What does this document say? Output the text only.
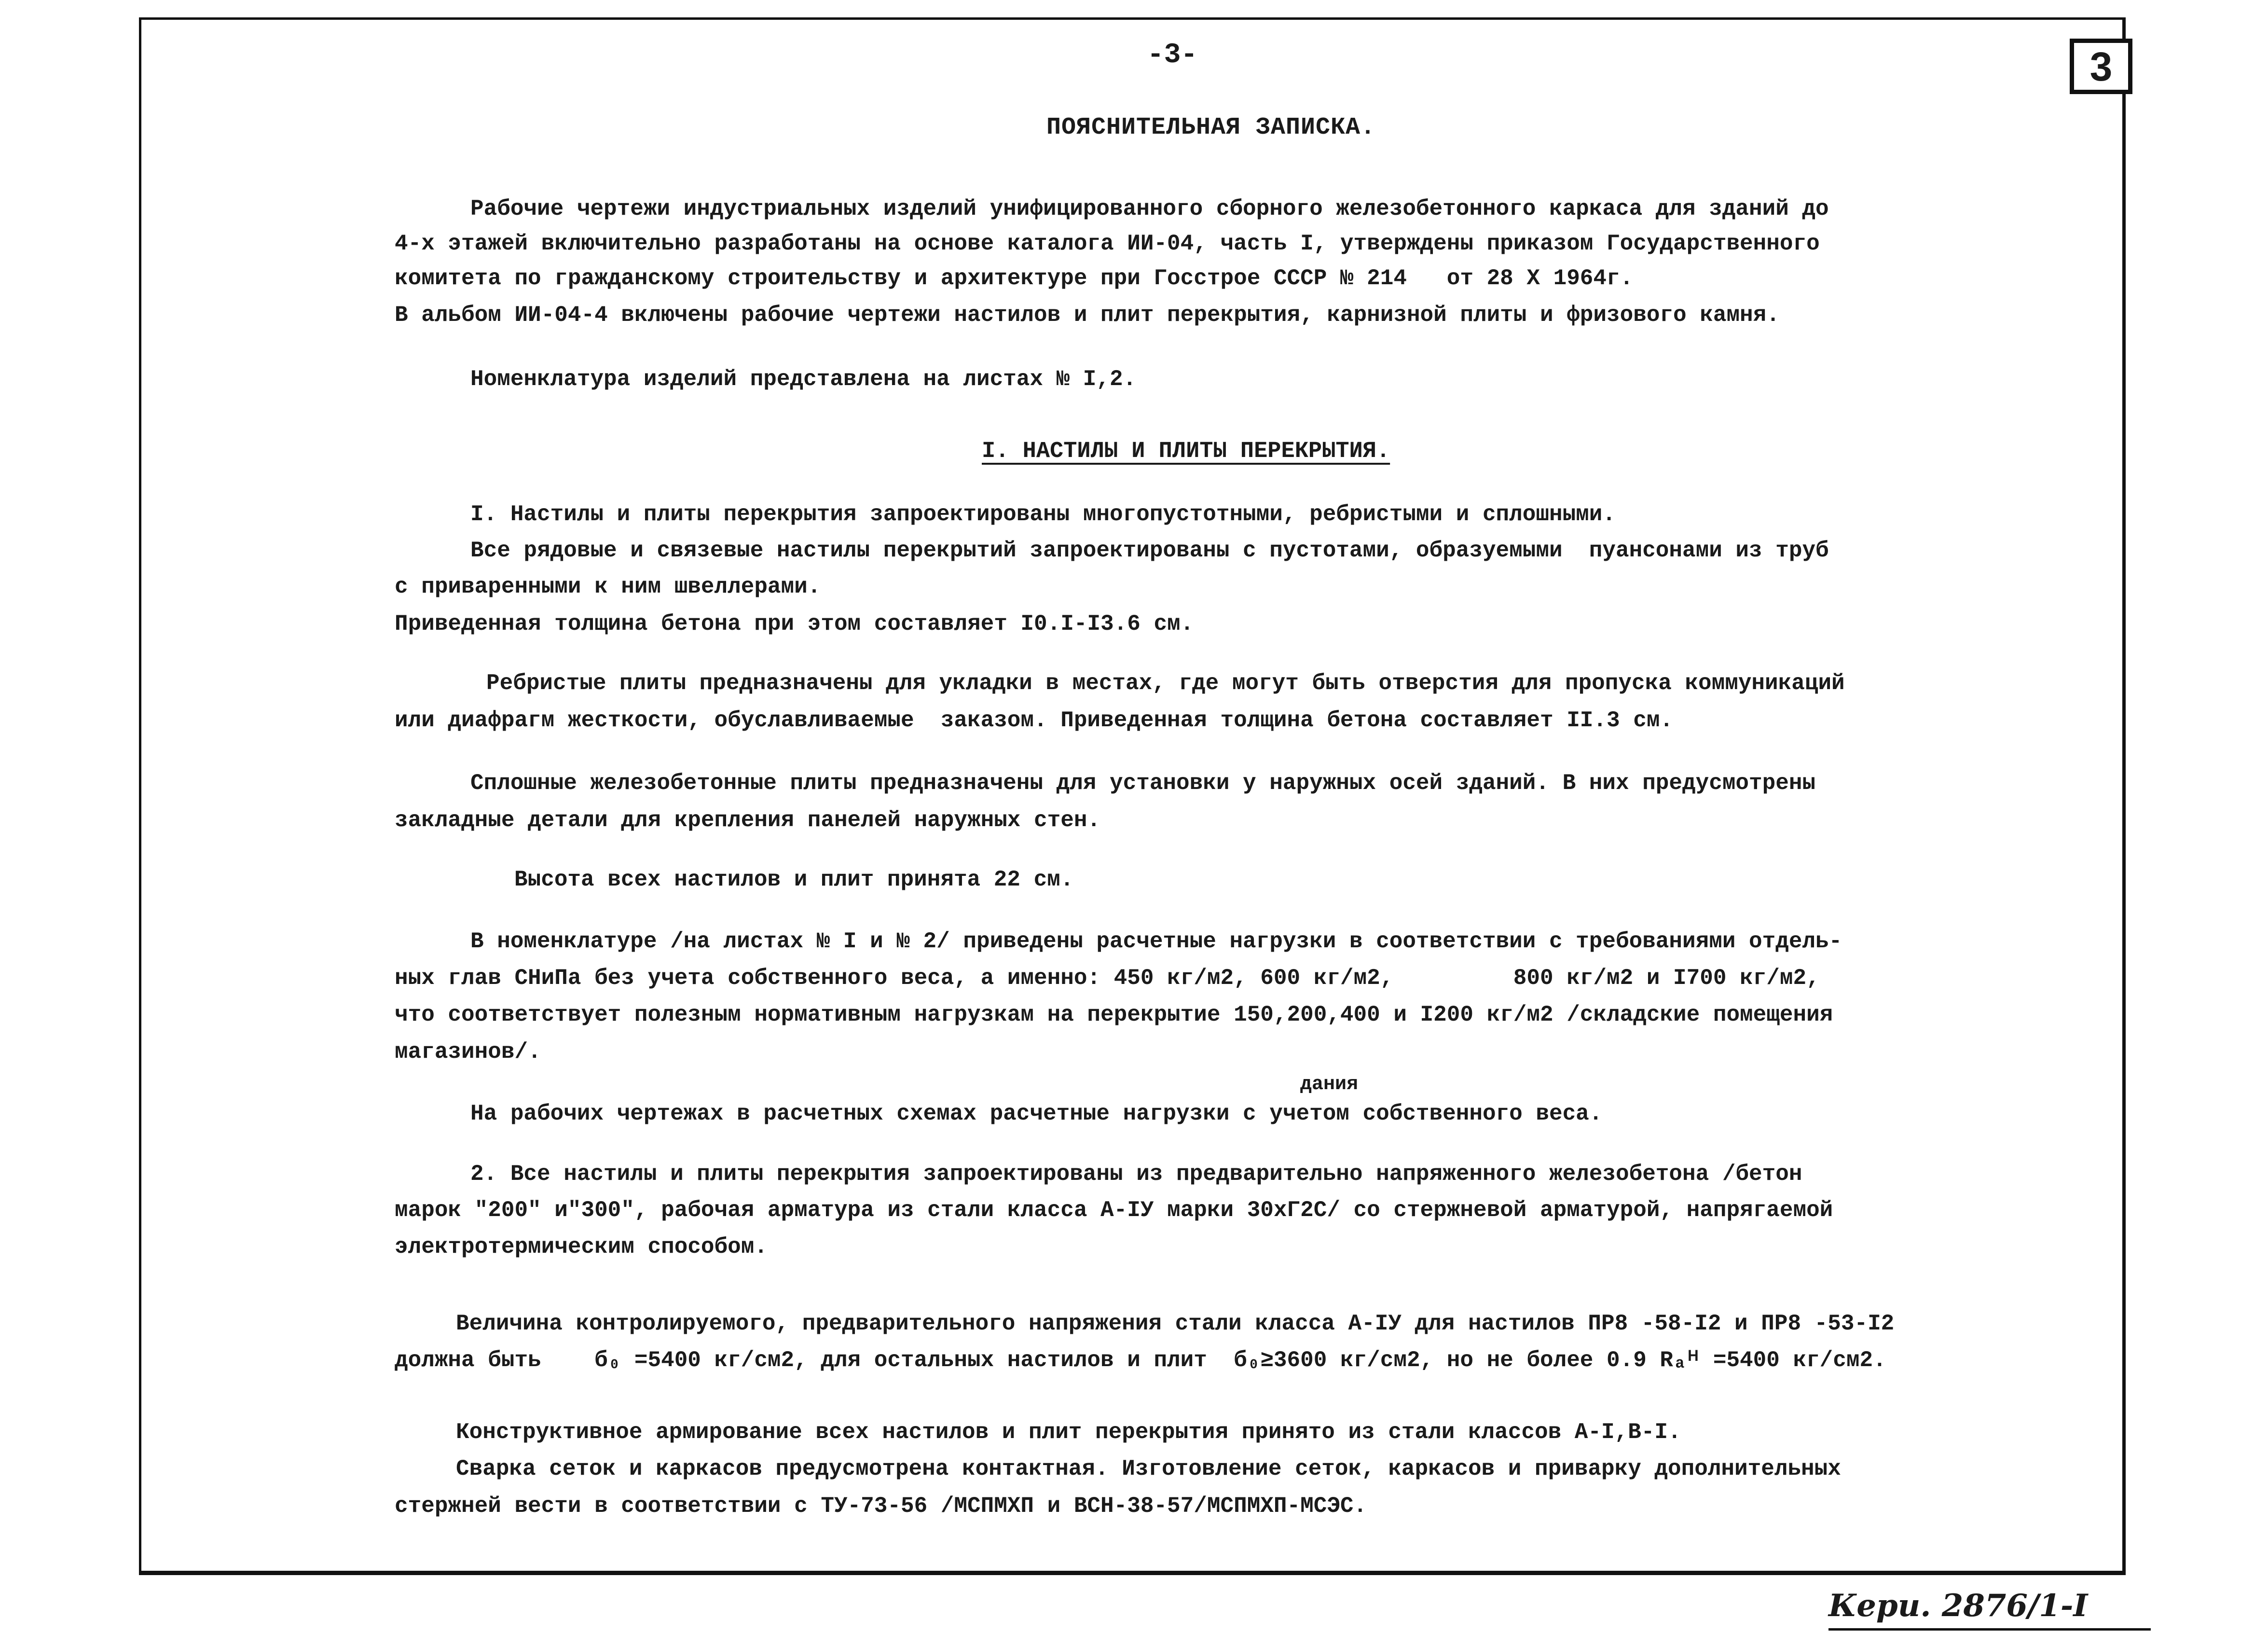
3
-3-
ПОЯСНИТЕЛЬНАЯ ЗАПИСКА.
I. НАСТИЛЫ И ПЛИТЫ ПЕРЕКРЫТИЯ.
Рабочие чертежи индустриальных изделий унифицированного сборного железобетонного каркаса для зданий до
4-х этажей включительно разработаны на основе каталога ИИ-04, часть I, утверждены приказом Государственного
комитета по гражданскому строительству и архитектуре при Госстрое СССР № 214   от 28 X 1964г.
В альбом ИИ-04-4 включены рабочие чертежи настилов и плит перекрытия, карнизной плиты и фризового камня.
Номенклатура изделий представлена на листах № I,2.
I. Настилы и плиты перекрытия запроектированы многопустотными, ребристыми и сплошными.
Все рядовые и связевые настилы перекрытий запроектированы с пустотами, образуемыми  пуансонами из труб
с приваренными к ним швеллерами.
Приведенная толщина бетона при этом составляет I0.I-I3.6 см.
Ребристые плиты предназначены для укладки в местах, где могут быть отверстия для пропуска коммуникаций
или диафрагм жесткости, обуславливаемые  заказом. Приведенная толщина бетона составляет II.3 см.
Сплошные железобетонные плиты предназначены для установки у наружных осей зданий. В них предусмотрены
закладные детали для крепления панелей наружных стен.
Высота всех настилов и плит принята 22 см.
В номенклатуре /на листах № I и № 2/ приведены расчетные нагрузки в соответствии с требованиями отдель-
ных глав СНиПа без учета собственного веса, а именно: 450 кг/м2, 600 кг/м2,         800 кг/м2 и I700 кг/м2,
что соответствует полезным нормативным нагрузкам на перекрытие 150,200,400 и I200 кг/м2 /складские помещения
магазинов/.
дания
На рабочих чертежах в расчетных схемах расчетные нагрузки с учетом собственного веса.
2. Все настилы и плиты перекрытия запроектированы из предварительно напряженного железобетона /бетон
марок "200" и"300", рабочая арматура из стали класса А-IУ марки 30хГ2С/ со стержневой арматурой, напрягаемой
электротермическим способом.
Величина контролируемого, предварительного напряжения стали класса А-IУ для настилов ПР8 -58-I2 и ПР8 -53-I2
должна быть    б₀ =5400 кг/см2, для остальных настилов и плит  б₀≥3600 кг/см2, но не более 0.9 Rₐᴴ =5400 кг/см2.
Конструктивное армирование всех настилов и плит перекрытия принято из стали классов А-I,В-I.
Сварка сеток и каркасов предусмотрена контактная. Изготовление сеток, каркасов и приварку дополнительных
стержней вести в соответствии с ТУ-73-56 /МСПМХП и ВСН-38-57/МСПМХП-МСЭС.
Кери. 2876/1-I
